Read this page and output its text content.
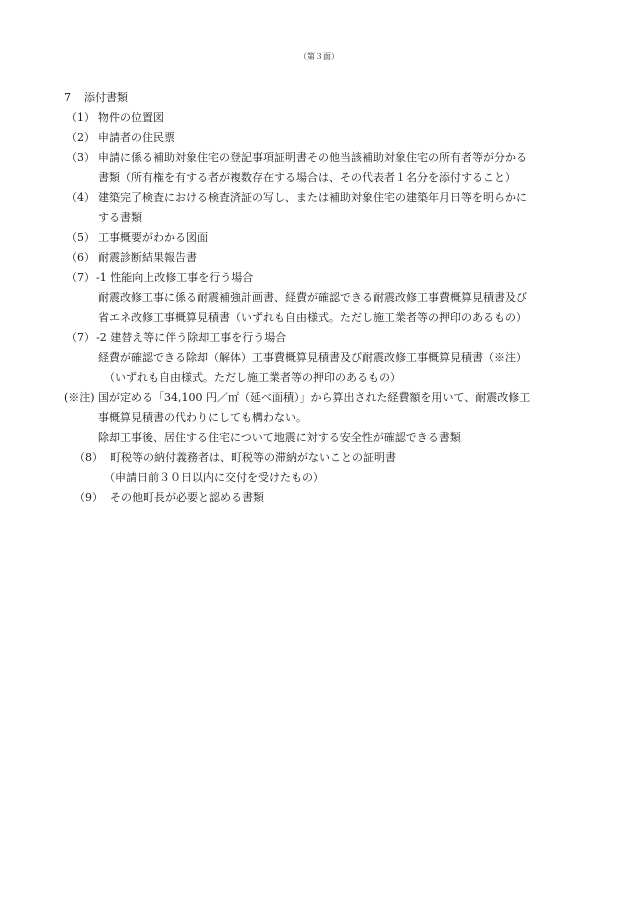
（第３面）
7 添付書類
（1） 物件の位置図
（2） 申請者の住民票
（3） 申請に係る補助対象住宅の登記事項証明書その他当該補助対象住宅の所有者等が分かる
書類（所有権を有する者が複数存在する場合は、その代表者１名分を添付すること）
（4） 建築完了検査における検査済証の写し、または補助対象住宅の建築年月日等を明らかに
する書類
（5） 工事概要がわかる図面
（6） 耐震診断結果報告書
（7） -1 性能向上改修工事を行う場合
耐震改修工事に係る耐震補強計画書、経費が確認できる耐震改修工事費概算見積書及び
省エネ改修工事概算見積書（いずれも自由様式。ただし施工業者等の押印のあるもの）
（7） -2 建替え等に伴う除却工事を行う場合
経費が確認できる除却（解体）工事費概算見積書及び耐震改修工事概算見積書（※注）
（いずれも自由様式。ただし施工業者等の押印のあるもの）
(※注) 国が定める「34,100 円／㎡（延べ面積）」から算出された経費額を用いて、耐震改修工
事概算見積書の代わりにしても構わない。
除却工事後、居住する住宅について地震に対する安全性が確認できる書類
（8） 町税等の納付義務者は、町税等の滞納がないことの証明書
（申請日前３０日以内に交付を受けたもの）
（9） その他町長が必要と認める書類
